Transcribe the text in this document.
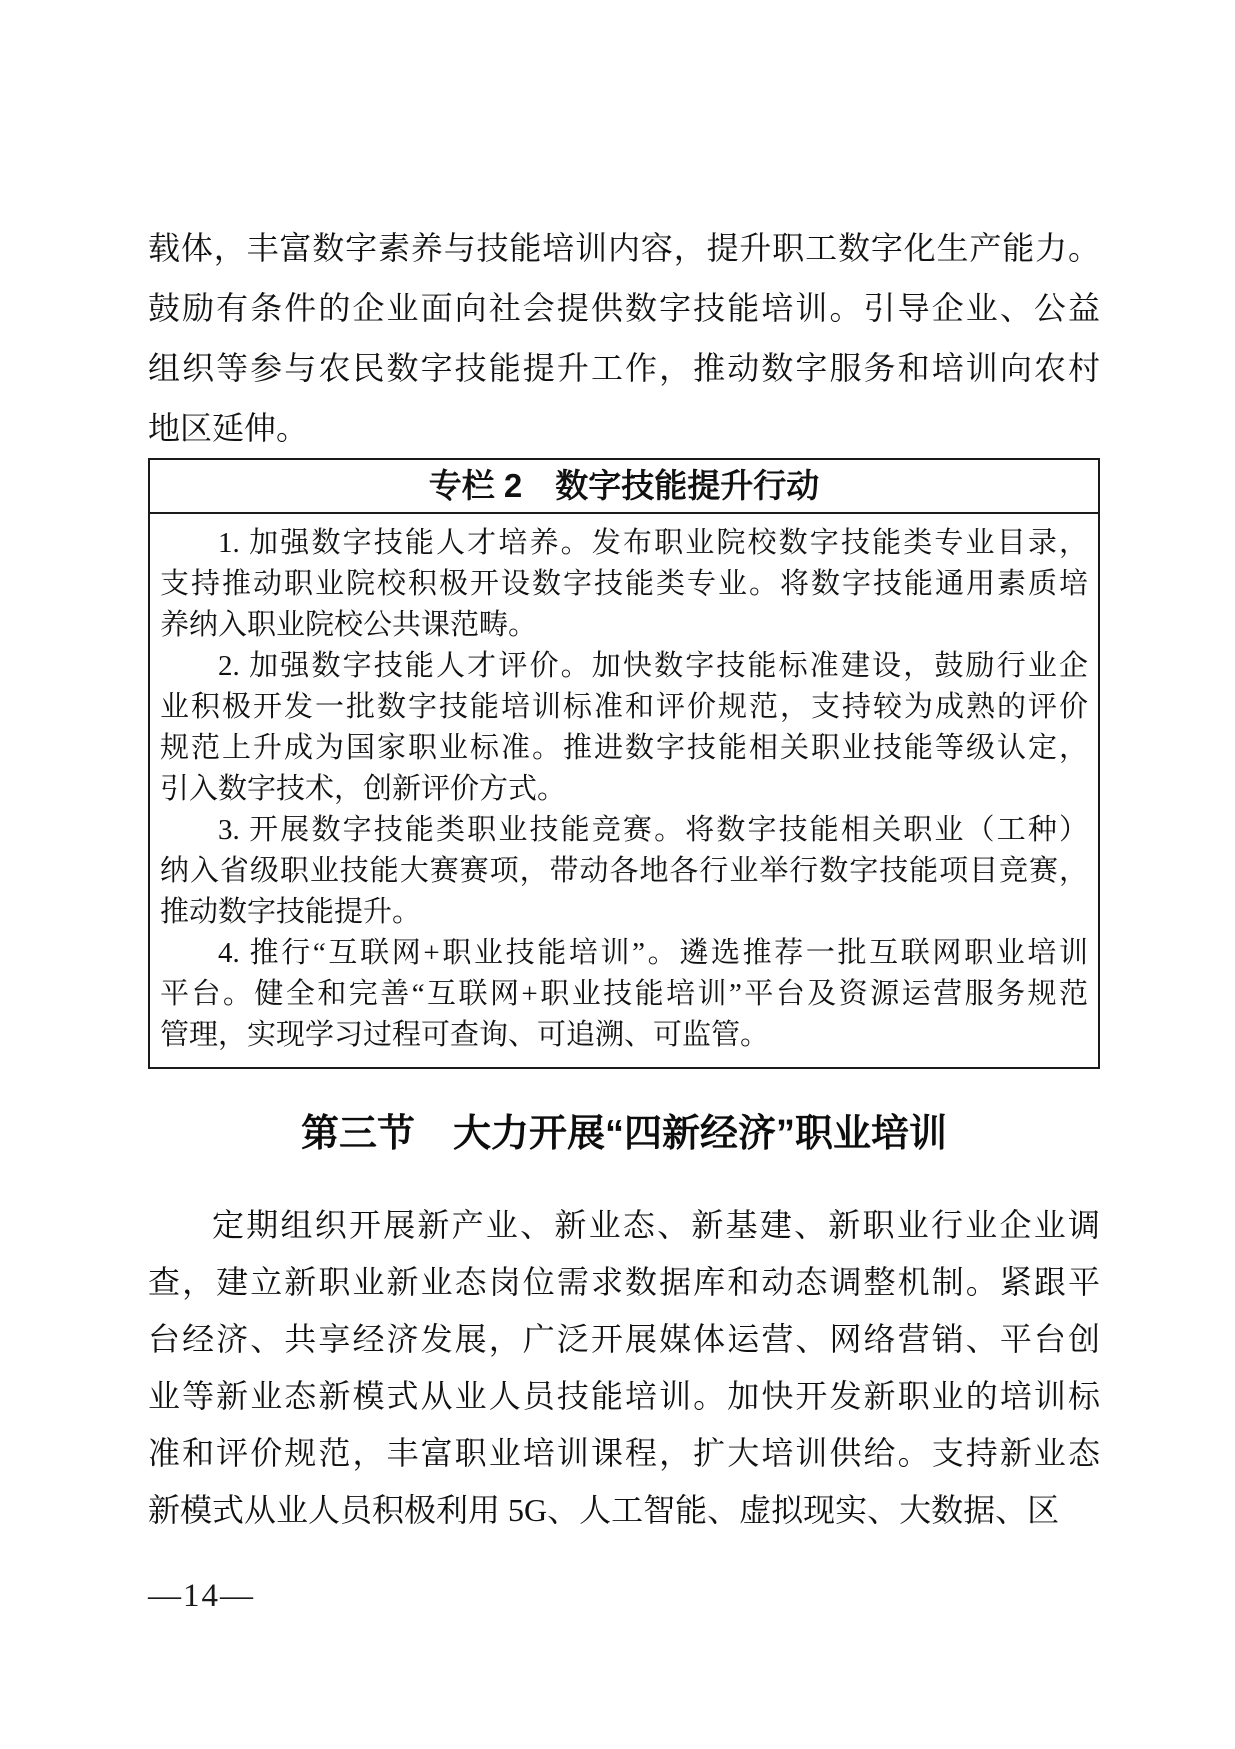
载体，丰富数字素养与技能培训内容，提升职工数字化生产能力。
鼓励有条件的企业面向社会提供数字技能培训。引导企业、公益
组织等参与农民数字技能提升工作，推动数字服务和培训向农村
地区延伸。
专栏 2　数字技能提升行动
1. 加强数字技能人才培养。发布职业院校数字技能类专业目录，
支持推动职业院校积极开设数字技能类专业。将数字技能通用素质培
养纳入职业院校公共课范畴。
2. 加强数字技能人才评价。加快数字技能标准建设，鼓励行业企
业积极开发一批数字技能培训标准和评价规范，支持较为成熟的评价
规范上升成为国家职业标准。推进数字技能相关职业技能等级认定，
引入数字技术，创新评价方式。
3. 开展数字技能类职业技能竞赛。将数字技能相关职业（工种）
纳入省级职业技能大赛赛项，带动各地各行业举行数字技能项目竞赛，
推动数字技能提升。
4. 推行“互联网+职业技能培训”。遴选推荐一批互联网职业培训
平台。健全和完善“互联网+职业技能培训”平台及资源运营服务规范
管理，实现学习过程可查询、可追溯、可监管。
第三节　大力开展“四新经济”职业培训
定期组织开展新产业、新业态、新基建、新职业行业企业调
查，建立新职业新业态岗位需求数据库和动态调整机制。紧跟平
台经济、共享经济发展，广泛开展媒体运营、网络营销、平台创
业等新业态新模式从业人员技能培训。加快开发新职业的培训标
准和评价规范，丰富职业培训课程，扩大培训供给。支持新业态
新模式从业人员积极利用 5G、人工智能、虚拟现实、大数据、区
—14—
